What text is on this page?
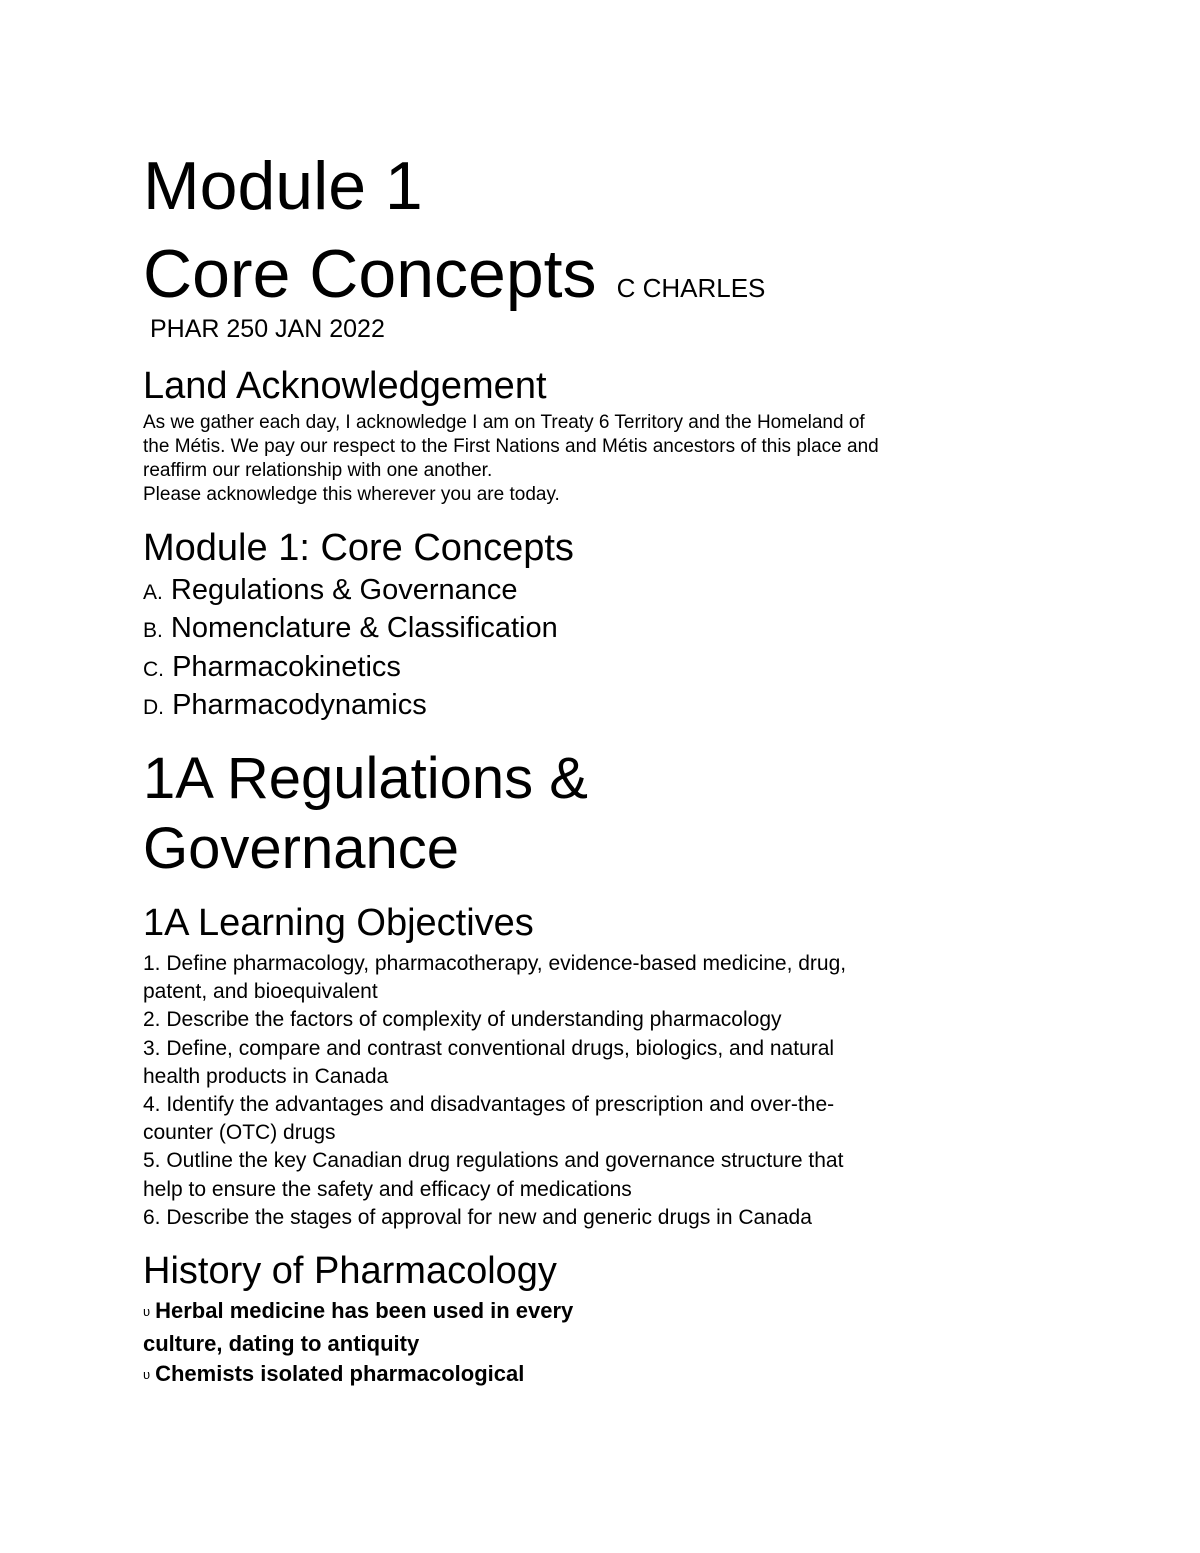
Module 1
Core Concepts C CHARLES
PHAR 250 JAN 2022
Land Acknowledgement
As we gather each day, I acknowledge I am on Treaty 6 Territory and the Homeland of
the Métis. We pay our respect to the First Nations and Métis ancestors of this place and
reaffirm our relationship with one another.
Please acknowledge this wherever you are today.
Module 1: Core Concepts
A. Regulations & Governance
B. Nomenclature & Classification
C. Pharmacokinetics
D. Pharmacodynamics
1A Regulations &
Governance
1A Learning Objectives
1. Define pharmacology, pharmacotherapy, evidence-based medicine, drug,
patent, and bioequivalent
2. Describe the factors of complexity of understanding pharmacology
3. Define, compare and contrast conventional drugs, biologics, and natural
health products in Canada
4. Identify the advantages and disadvantages of prescription and over-the-
counter (OTC) drugs
5. Outline the key Canadian drug regulations and governance structure that
help to ensure the safety and efficacy of medications
6. Describe the stages of approval for new and generic drugs in Canada
History of Pharmacology
υ Herbal medicine has been used in every
culture, dating to antiquity
υ Chemists isolated pharmacological
